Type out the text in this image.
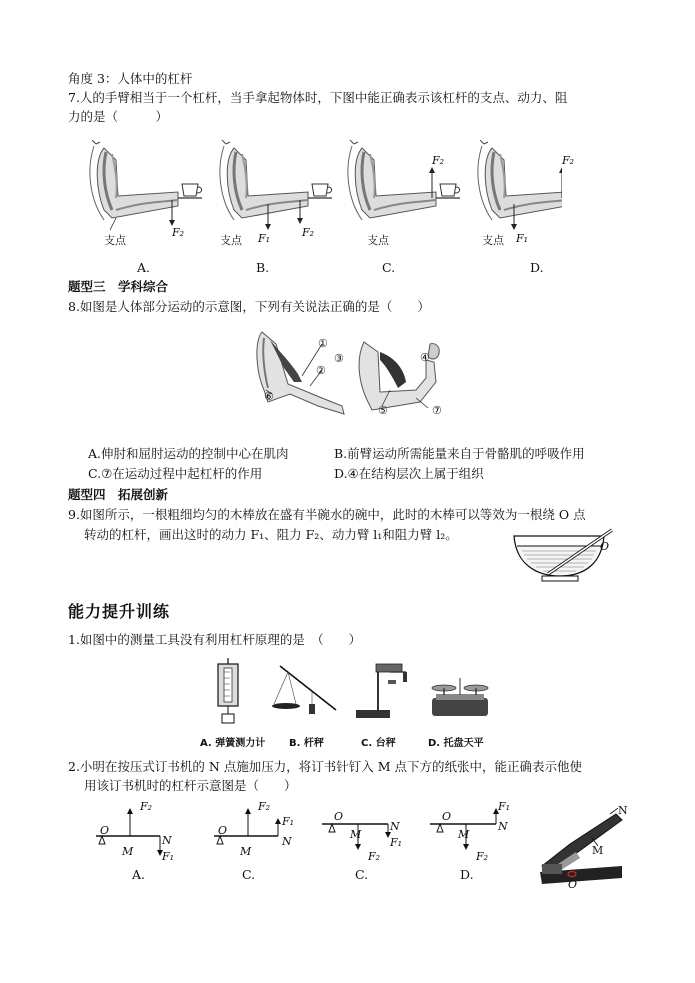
角度 3：人体中的杠杆
7.人的手臂相当于一个杠杆，当手拿起物体时，下图中能正确表示该杠杆的支点、动力、阻
力的是（　　　）
支点
F₂
支点 F₁	F₂
支点
F₂
支点 F₁
F₂
A.	B.	C.	D.
题型三　学科综合
8.如图是人体部分运动的示意图，下列有关说法正确的是（　　）
①
②
③	④
⑤
⑥
⑦
A.伸肘和屈肘运动的控制中心在肌肉	B.前臂运动所需能量来自于骨骼肌的呼吸作用
C.⑦在运动过程中起杠杆的作用	D.④在结构层次上属于组织
题型四　拓展创新
9.如图所示，一根粗细均匀的木棒放在盛有半碗水的碗中，此时的木棒可以等效为一根绕 O 点
转动的杠杆，画出这时的动力 F₁、阻力 F₂、动力臂 l₁和阻力臂 l₂。
O
能力提升训练
1.如图中的测量工具没有利用杠杆原理的是　（　　）
A. 弹簧测力计 B. 杆秤	C. 台秤	D. 托盘天平
2.小明在按压式订书机的 N 点施加压力，将订书针钉入 M 点下方的纸张中，能正确表示他使
用该订书机时的杠杆示意图是（　　）
O
M
N
F₂
F₁
A.
O
M
N
F₂
F₁
C.
O
M
N
F₁
F₂
C.
O
M
N
F₁
F₂
D.
N
M
O
